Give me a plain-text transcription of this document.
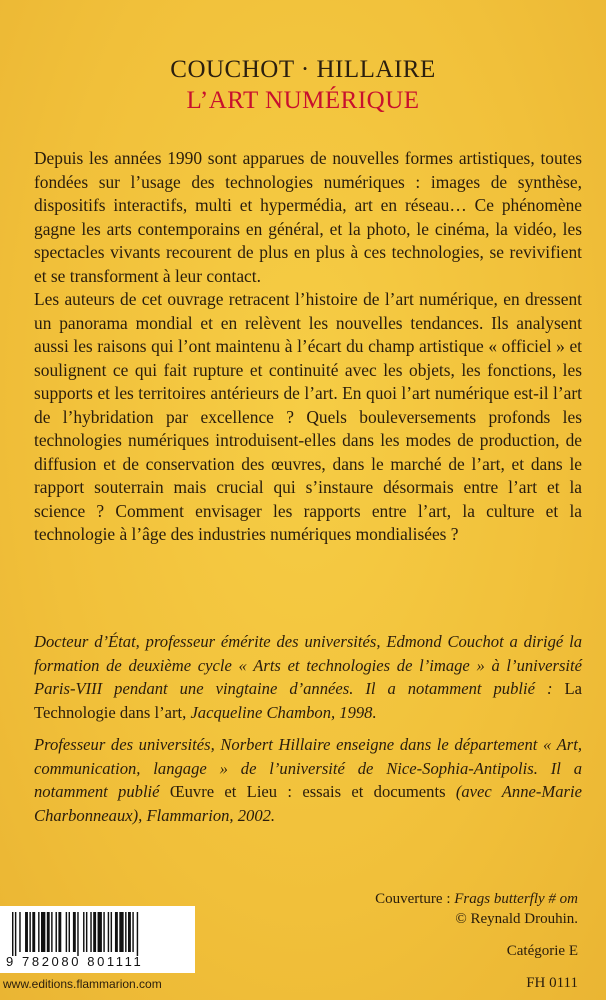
COUCHOT · HILLAIRE
L’ART NUMÉRIQUE

Depuis les années 1990 sont apparues de nouvelles formes artistiques, toutes fondées sur l’usage des technologies numériques : images de synthèse, dispositifs interactifs, multi et hypermédia, art en réseau… Ce phénomène gagne les arts contemporains en général, et la photo, le cinéma, la vidéo, les spectacles vivants recourent de plus en plus à ces technologies, se revivifient et se transforment à leur contact.

Les auteurs de cet ouvrage retracent l’histoire de l’art numérique, en dressent un panorama mondial et en relèvent les nouvelles tendances. Ils analysent aussi les raisons qui l’ont maintenu à l’écart du champ artistique « officiel » et soulignent ce qui fait rupture et continuité avec les objets, les fonctions, les supports et les territoires antérieurs de l’art. En quoi l’art numérique est-il l’art de l’hybridation par excellence ? Quels bouleversements profonds les technologies numériques introduisent-elles dans les modes de production, de diffusion et de conservation des œuvres, dans le marché de l’art, et dans le rapport souterrain mais crucial qui s’instaure désormais entre l’art et la science ? Comment envisager les rapports entre l’art, la culture et la technologie à l’âge des industries numériques mondialisées ?

Docteur d’État, professeur émérite des universités, Edmond Couchot a dirigé la formation de deuxième cycle « Arts et technologies de l’image » à l’université Paris-VIII pendant une vingtaine d’années. Il a notamment publié : La Technologie dans l’art, Jacqueline Chambon, 1998.
Professeur des universités, Norbert Hillaire enseigne dans le département « Art, communication, langage » de l’université de Nice-Sophia-Antipolis. Il a notamment publié Œuvre et Lieu : essais et documents (avec Anne-Marie Charbonneaux), Flammarion, 2002.
Couverture : Frags butterfly # om
© Reynald Drouhin.
Catégorie E
FH 0111
9 782080 801111
www.editions.flammarion.com
